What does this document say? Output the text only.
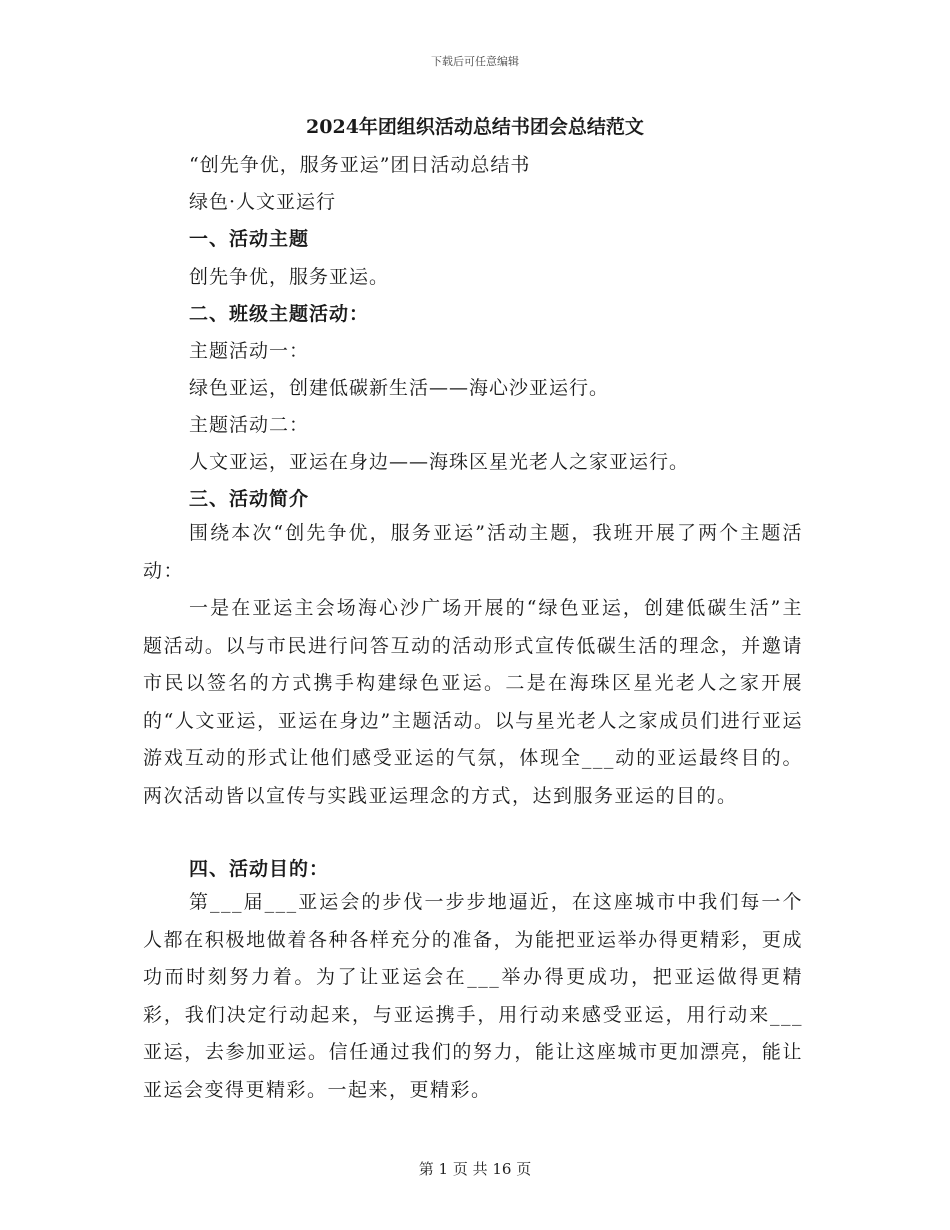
下载后可任意编辑
2024年团组织活动总结书团会总结范文
“创先争优，服务亚运”团日活动总结书
绿色·人文亚运行
一、活动主题
创先争优，服务亚运。
二、班级主题活动：
主题活动一：
绿色亚运，创建低碳新生活——海心沙亚运行。
主题活动二：
人文亚运，亚运在身边——海珠区星光老人之家亚运行。
三、活动简介
围绕本次“创先争优，服务亚运”活动主题，我班开展了两个主题活动：
一是在亚运主会场海心沙广场开展的“绿色亚运，创建低碳生活”主题活动。以与市民进行问答互动的活动形式宣传低碳生活的理念，并邀请市民以签名的方式携手构建绿色亚运。二是在海珠区星光老人之家开展的“人文亚运，亚运在身边”主题活动。以与星光老人之家成员们进行亚运游戏互动的形式让他们感受亚运的气氛，体现全___动的亚运最终目的。两次活动皆以宣传与实践亚运理念的方式，达到服务亚运的目的。
四、活动目的：
第___届___亚运会的步伐一步步地逼近，在这座城市中我们每一个人都在积极地做着各种各样充分的准备，为能把亚运举办得更精彩，更成功而时刻努力着。为了让亚运会在___举办得更成功，把亚运做得更精彩，我们决定行动起来，与亚运携手，用行动来感受亚运，用行动来___亚运，去参加亚运。信任通过我们的努力，能让这座城市更加漂亮，能让亚运会变得更精彩。一起来，更精彩。
第 1 页 共 16 页
